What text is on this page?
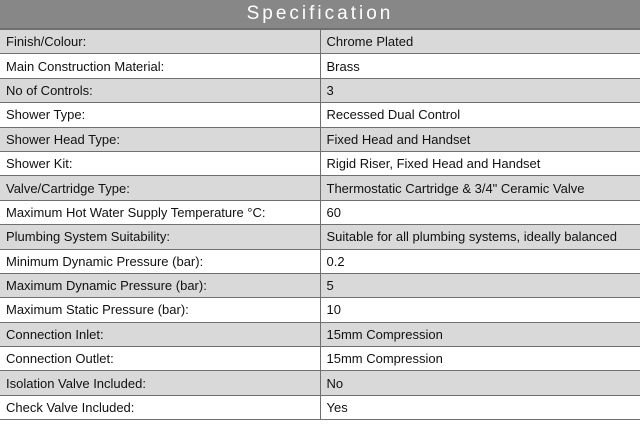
Specification
Finish/Colour:	Chrome Plated
Main Construction Material:	Brass
No of Controls:	3
Shower Type:	Recessed Dual Control
Shower Head Type:	Fixed Head and Handset
Shower Kit:	Rigid Riser, Fixed Head and Handset
Valve/Cartridge Type:	Thermostatic Cartridge & 3/4" Ceramic Valve
Maximum Hot Water Supply Temperature °C:	60
Plumbing System Suitability:	Suitable for all plumbing systems, ideally balanced
Minimum Dynamic Pressure (bar):	0.2
Maximum Dynamic Pressure (bar):	5
Maximum Static Pressure (bar):	10
Connection Inlet:	15mm Compression
Connection Outlet:	15mm Compression
Isolation Valve Included:	No
Check Valve Included:	Yes
